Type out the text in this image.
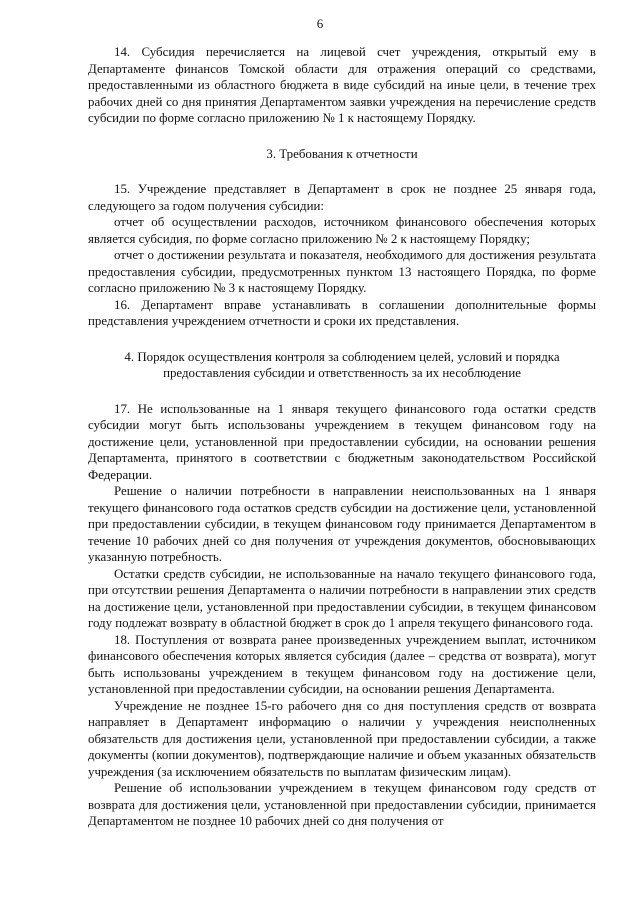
6

14. Субсидия перечисляется на лицевой счет учреждения, открытый ему в Департаменте финансов Томской области для отражения операций со средствами, предоставленными из областного бюджета в виде субсидий на иные цели, в течение трех рабочих дней со дня принятия Департаментом заявки учреждения на перечисление средств субсидии по форме согласно приложению № 1 к настоящему Порядку.

3. Требования к отчетности

15. Учреждение представляет в Департамент в срок не позднее 25 января года, следующего за годом получения субсидии:

отчет об осуществлении расходов, источником финансового обеспечения которых является субсидия, по форме согласно приложению № 2 к настоящему Порядку;

отчет о достижении результата и показателя, необходимого для достижения результата предоставления субсидии, предусмотренных пунктом 13 настоящего Порядка, по форме согласно приложению № 3 к настоящему Порядку.

16. Департамент вправе устанавливать в соглашении дополнительные формы представления учреждением отчетности и сроки их представления.

4. Порядок осуществления контроля за соблюдением целей, условий и порядка предоставления субсидии и ответственность за их несоблюдение

17. Не использованные на 1 января текущего финансового года остатки средств субсидии могут быть использованы учреждением в текущем финансовом году на достижение цели, установленной при предоставлении субсидии, на основании решения Департамента, принятого в соответствии с бюджетным законодательством Российской Федерации.

Решение о наличии потребности в направлении неиспользованных на 1 января текущего финансового года остатков средств субсидии на достижение цели, установленной при предоставлении субсидии, в текущем финансовом году принимается Департаментом в течение 10 рабочих дней со дня получения от учреждения документов, обосновывающих указанную потребность.

Остатки средств субсидии, не использованные на начало текущего финансового года, при отсутствии решения Департамента о наличии потребности в направлении этих средств на достижение цели, установленной при предоставлении субсидии, в текущем финансовом году подлежат возврату в областной бюджет в срок до 1 апреля текущего финансового года.

18. Поступления от возврата ранее произведенных учреждением выплат, источником финансового обеспечения которых является субсидия (далее – средства от возврата), могут быть использованы учреждением в текущем финансовом году на достижение цели, установленной при предоставлении субсидии, на основании решения Департамента.

Учреждение не позднее 15-го рабочего дня со дня поступления средств от возврата направляет в Департамент информацию о наличии у учреждения неисполненных обязательств для достижения цели, установленной при предоставлении субсидии, а также документы (копии документов), подтверждающие наличие и объем указанных обязательств учреждения (за исключением обязательств по выплатам физическим лицам).

Решение об использовании учреждением в текущем финансовом году средств от возврата для достижения цели, установленной при предоставлении субсидии, принимается Департаментом не позднее 10 рабочих дней со дня получения от
